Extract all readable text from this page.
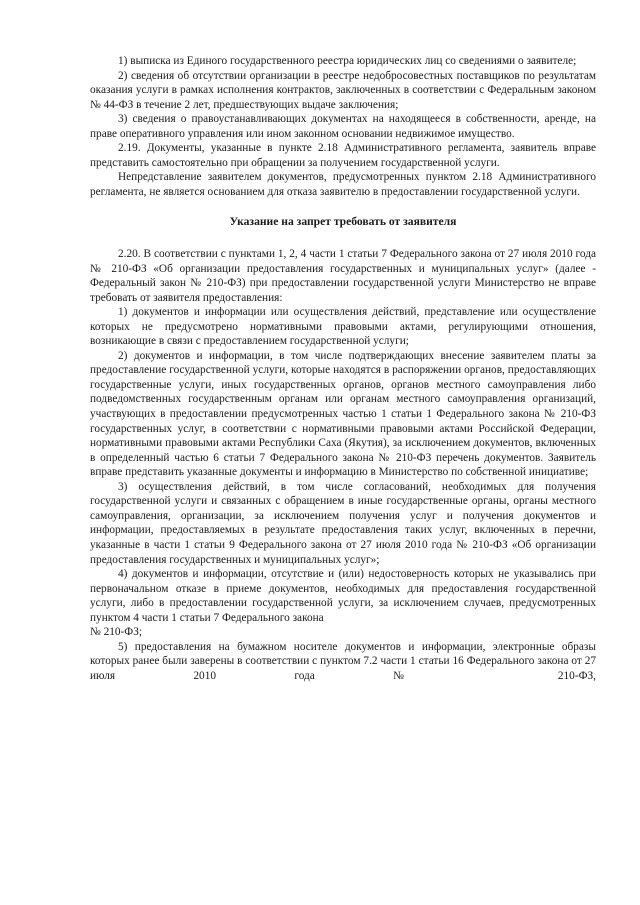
1) выписка из Единого государственного реестра юридических лиц со сведениями о заявителе;

2) сведения об отсутствии организации в реестре недобросовестных поставщиков по результатам оказания услуги в рамках исполнения контрактов, заключенных в соответствии с Федеральным законом № 44-ФЗ в течение 2 лет, предшествующих выдаче заключения;

3) сведения о правоустанавливающих документах на находящееся в собственности, аренде, на праве оперативного управления или ином законном основании недвижимое имущество.

2.19. Документы, указанные в пункте 2.18 Административного регламента, заявитель вправе представить самостоятельно при обращении за получением государственной услуги.

Непредставление заявителем документов, предусмотренных пунктом 2.18 Административного регламента, не является основанием для отказа заявителю в предоставлении государственной услуги.

Указание на запрет требовать от заявителя

2.20. В соответствии с пунктами 1, 2, 4 части 1 статьи 7 Федерального закона от 27 июля 2010 года № 210-ФЗ «Об организации предоставления государственных и муниципальных услуг» (далее - Федеральный закон № 210-ФЗ) при предоставлении государственной услуги Министерство не вправе требовать от заявителя предоставления:

1) документов и информации или осуществления действий, представление или осуществление которых не предусмотрено нормативными правовыми актами, регулирующими отношения, возникающие в связи с предоставлением государственной услуги;

2) документов и информации, в том числе подтверждающих внесение заявителем платы за предоставление государственной услуги, которые находятся в распоряжении органов, предоставляющих государственные услуги, иных государственных органов, органов местного самоуправления либо подведомственных государственным органам или органам местного самоуправления организаций, участвующих в предоставлении предусмотренных частью 1 статьи 1 Федерального закона № 210-ФЗ государственных услуг, в соответствии с нормативными правовыми актами Российской Федерации, нормативными правовыми актами Республики Саха (Якутия), за исключением документов, включенных в определенный частью 6 статьи 7 Федерального закона № 210-ФЗ перечень документов. Заявитель вправе представить указанные документы и информацию в Министерство по собственной инициативе;

3) осуществления действий, в том числе согласований, необходимых для получения государственной услуги и связанных с обращением в иные государственные органы, органы местного самоуправления, организации, за исключением получения услуг и получения документов и информации, предоставляемых в результате предоставления таких услуг, включенных в перечни, указанные в части 1 статьи 9 Федерального закона от 27 июля 2010 года № 210-ФЗ «Об организации предоставления государственных и муниципальных услуг»;

4) документов и информации, отсутствие и (или) недостоверность которых не указывались при первоначальном отказе в приеме документов, необходимых для предоставления государственной услуги, либо в предоставлении государственной услуги, за исключением случаев, предусмотренных пунктом 4 части 1 статьи 7 Федерального закона

№ 210-ФЗ;

5) предоставления на бумажном носителе документов и информации, электронные образы которых ранее были заверены в соответствии с пунктом 7.2 части 1 статьи 16 Федерального закона от 27 июля 2010 года № 210-ФЗ,
